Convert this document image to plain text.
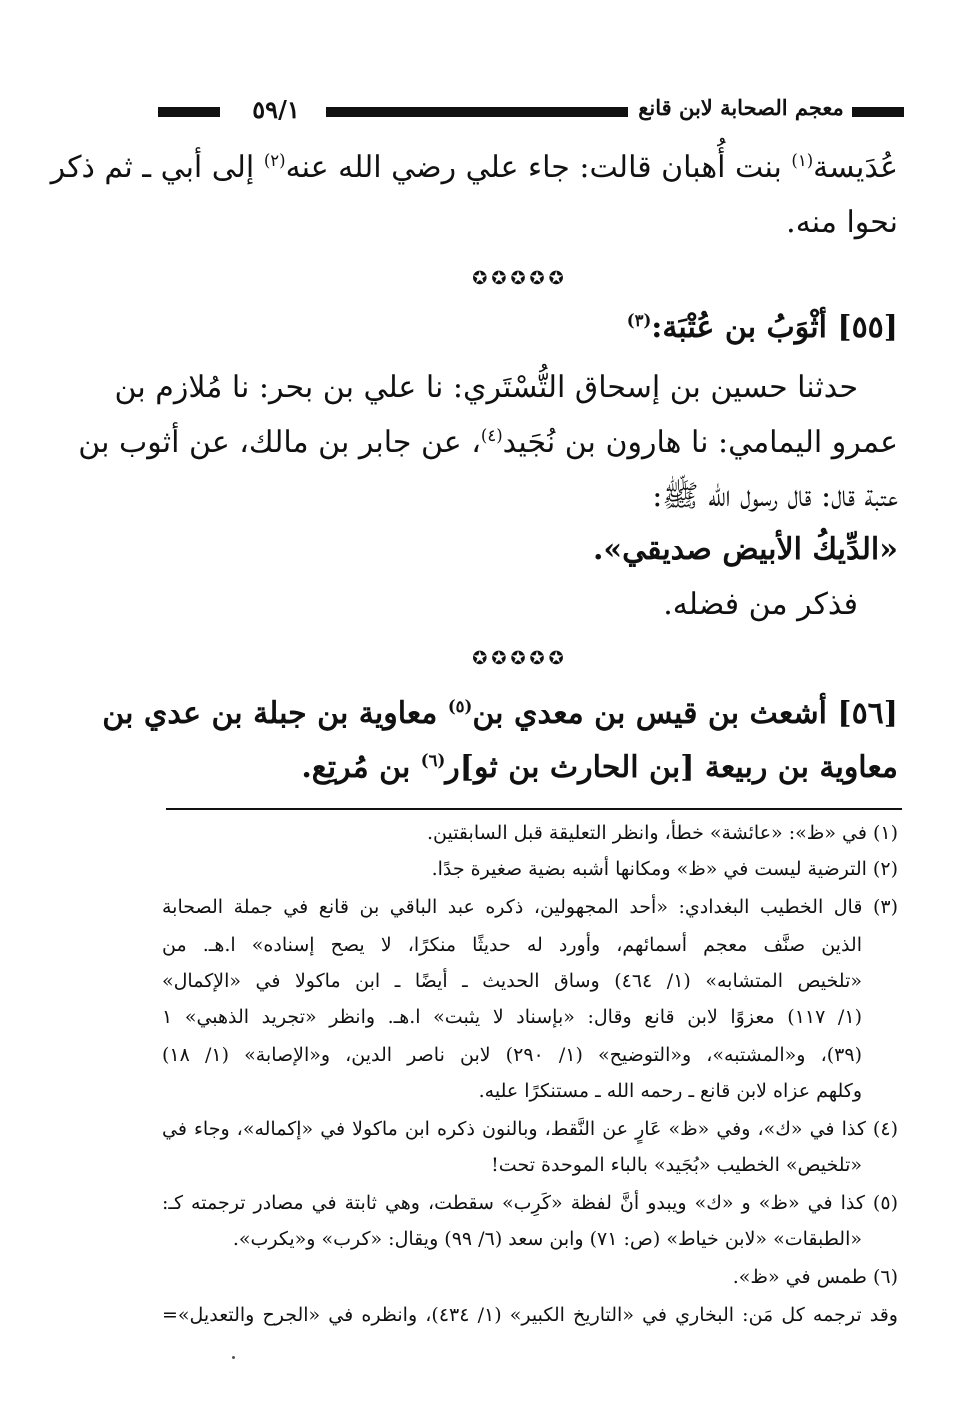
٥٩/١	معجم الصحابة لابن قانع
عُدَيسة$^{(١)}$ بنت أُهبان قالت: جاء علي رضي الله عنه$^{(٢)}$ إلى أبي ـ ثم ذكر
نحوا منه.
✪✪✪✪✪
[٥٥] أثْوَبُ بن عُتْبَة:$^{(٣)}$
حدثنا حسين بن إسحاق التُّسْتَري: نا علي بن بحر: نا مُلازم بن
عمرو اليمامي: نا هارون بن نُجَيد$^{(٤)}$، عن جابر بن مالك، عن أثوب بن
عتبة قال: قال رسول الله ﷺ:
«الدِّيكُ الأبيض صديقي».
فذكر من فضله.
✪✪✪✪✪
[٥٦] أشعث بن قيس بن معدي بن$^{(٥)}$ معاوية بن جبلة بن عدي بن
معاوية بن ربيعة [بن الحارث بن ثو]ر$^{(٦)}$ بن مُرتِع.
(١) في «ظ»: «عائشة» خطأ، وانظر التعليقة قبل السابقتين.
(٢) الترضية ليست في «ظ» ومكانها أشبه بضية صغيرة جدًا.
(٣) قال الخطيب البغدادي: «أحد المجهولين، ذكره عبد الباقي بن قانع في جملة الصحابة
الذين صنَّف معجم أسمائهم، وأورد له حديثًا منكرًا، لا يصح إسناده» ا.هـ. من
«تلخيص المتشابه» (١/ ٤٦٤) وساق الحديث ـ أيضًا ـ ابن ماكولا في «الإكمال»
(١/ ١١٧) معزوًا لابن قانع وقال: «بإسناد لا يثبت» ا.هـ. وانظر «تجريد الذهبي» ١
(٣٩)، و«المشتبه»، و«التوضيح» (١/ ٢٩٠) لابن ناصر الدين، و«الإصابة» (١/ ١٨)
وكلهم عزاه لابن قانع ـ رحمه الله ـ مستنكرًا عليه.
(٤) كذا في «ك»، وفي «ظ» عَارٍ عن النَّقط، وبالنون ذكره ابن ماكولا في «إكماله»، وجاء في
«تلخيص» الخطيب «بُجَيد» بالباء الموحدة تحت!
(٥) كذا في «ظ» و «ك» ويبدو أنَّ لفظة «كَرِب» سقطت، وهي ثابتة في مصادر ترجمته كـ:
«الطبقات» «لابن خياط» (ص: ٧١) وابن سعد (٦/ ٩٩) ويقال: «كرب» و«يكرب».
(٦) طمس في «ظ».
وقد ترجمه كل مَن: البخاري في «التاريخ الكبير» (١/ ٤٣٤)، وانظره في «الجرح والتعديل»=
